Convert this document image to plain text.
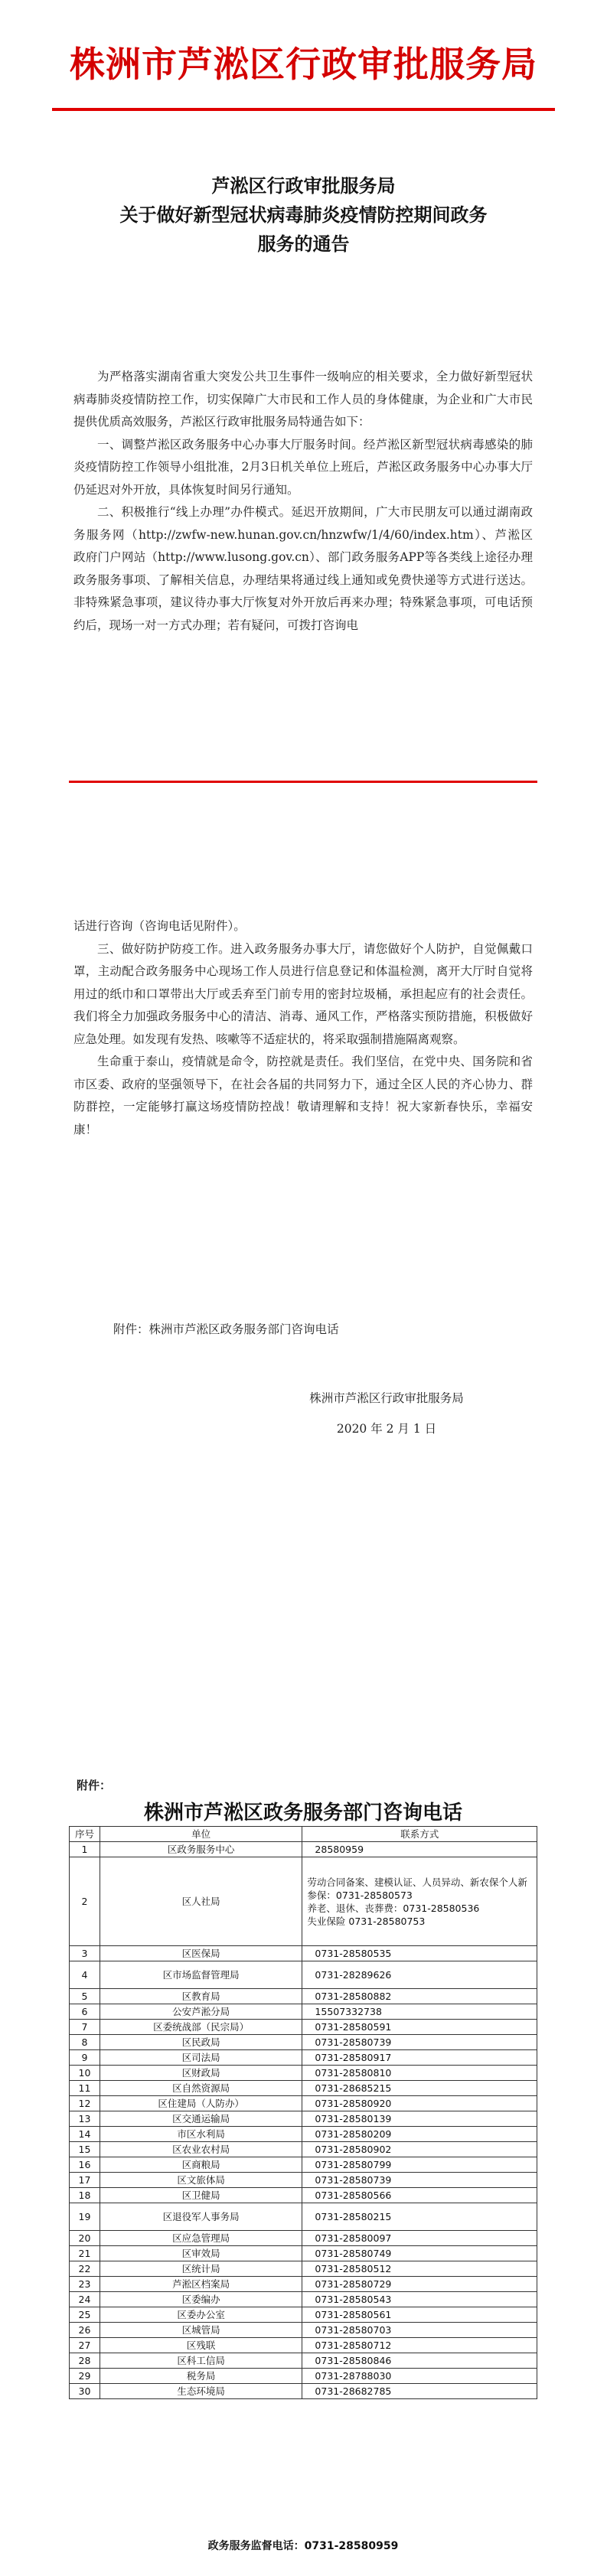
株洲市芦淞区行政审批服务局
芦淞区行政审批服务局
关于做好新型冠状病毒肺炎疫情防控期间政务
服务的通告

为严格落实湖南省重大突发公共卫生事件一级响应的相关要求，全力做好新型冠状病毒肺炎疫情防控工作，切实保障广大市民和工作人员的身体健康，为企业和广大市民提供优质高效服务，芦淞区行政审批服务局特通告如下：

一、调整芦淞区政务服务中心办事大厅服务时间。经芦淞区新型冠状病毒感染的肺炎疫情防控工作领导小组批准，2月3日机关单位上班后，芦淞区政务服务中心办事大厅仍延迟对外开放，具体恢复时间另行通知。

二、积极推行“线上办理”办件模式。延迟开放期间，广大市民朋友可以通过湖南政务服务网（http://zwfw-new.hunan.gov.cn/hnzwfw/1/4/60/index.htm）、芦淞区政府门户网站（http://www.lusong.gov.cn）、部门政务服务APP等各类线上途径办理政务服务事项、了解相关信息，办理结果将通过线上通知或免费快递等方式进行送达。非特殊紧急事项，建议待办事大厅恢复对外开放后再来办理；特殊紧急事项，可电话预约后，现场一对一方式办理；若有疑问，可拨打咨询电

话进行咨询（咨询电话见附件）。

三、做好防护防疫工作。进入政务服务办事大厅，请您做好个人防护，自觉佩戴口罩，主动配合政务服务中心现场工作人员进行信息登记和体温检测，离开大厅时自觉将用过的纸巾和口罩带出大厅或丢弃至门前专用的密封垃圾桶，承担起应有的社会责任。我们将全力加强政务服务中心的清洁、消毒、通风工作，严格落实预防措施，积极做好应急处理。如发现有发热、咳嗽等不适症状的，将采取强制措施隔离观察。

生命重于泰山，疫情就是命令，防控就是责任。我们坚信，在党中央、国务院和省市区委、政府的坚强领导下，在社会各届的共同努力下，通过全区人民的齐心协力、群防群控，一定能够打赢这场疫情防控战！敬请理解和支持！祝大家新春快乐，幸福安康！

附件：株洲市芦淞区政务服务部门咨询电话
株洲市芦淞区行政审批服务局
2020 年 2 月 1 日
附件：
株洲市芦淞区政务服务部门咨询电话
序号	单位	联系方式
1	区政务服务中心	28580959
2	区人社局	劳动合同备案、建模认证、人员异动、新农保个人新参保：0731-28580573
养老、退休、丧葬费：0731-28580536
失业保险 0731-28580753

3	区医保局	0731-28580535
4	区市场监督管理局	0731-28289626
5	区教育局	0731-28580882
6	公安芦淞分局	15507332738
7	区委统战部（民宗局）	0731-28580591
8	区民政局	0731-28580739
9	区司法局	0731-28580917
10	区财政局	0731-28580810
11	区自然资源局	0731-28685215
12	区住建局（人防办）	0731-28580920
13	区交通运输局	0731-28580139
14	市区水利局	0731-28580209
15	区农业农村局	0731-28580902
16	区商粮局	0731-28580799
17	区文旅体局	0731-28580739
18	区卫健局	0731-28580566
19	区退役军人事务局	0731-28580215
20	区应急管理局	0731-28580097
21	区审效局	0731-28580749
22	区统计局	0731-28580512
23	芦淞区档案局	0731-28580729
24	区委编办	0731-28580543
25	区委办公室	0731-28580561
26	区城管局	0731-28580703
27	区残联	0731-28580712
28	区科工信局	0731-28580846
29	税务局	0731-28788030
30	生态环境局	0731-28682785
政务服务监督电话：0731-28580959
